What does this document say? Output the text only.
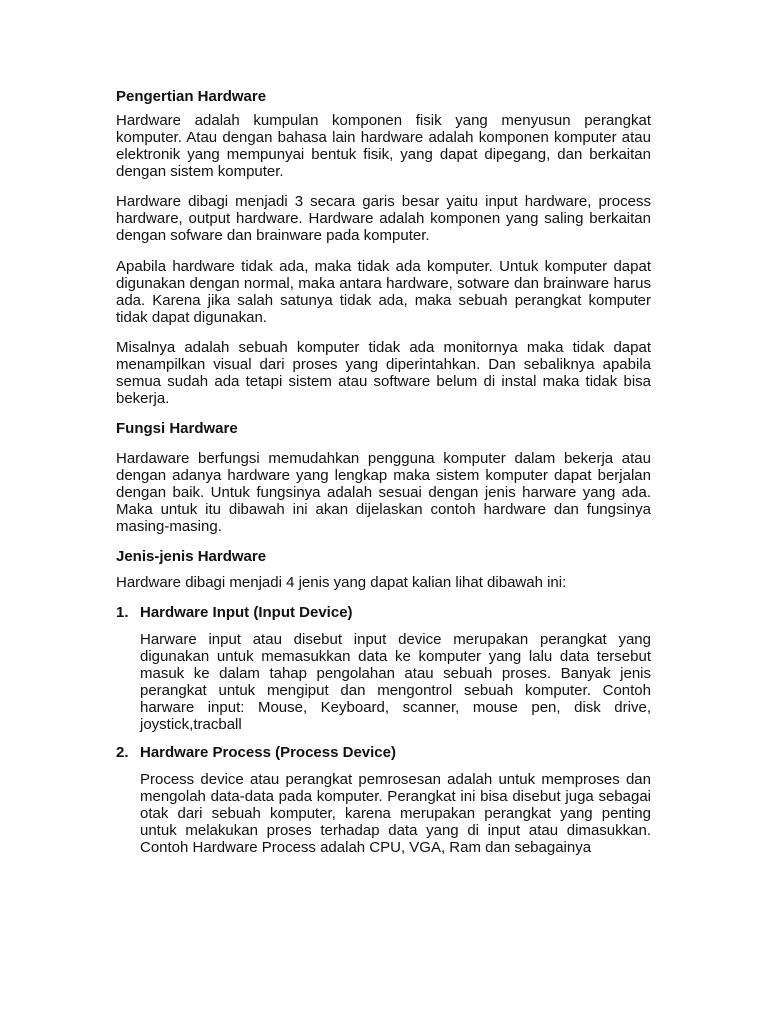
Pengertian Hardware

Hardware adalah kumpulan komponen fisik yang menyusun perangkat komputer. Atau dengan bahasa lain hardware adalah komponen komputer atau elektronik yang mempunyai bentuk fisik, yang dapat dipegang, dan berkaitan dengan sistem komputer.

Hardware dibagi menjadi 3 secara garis besar yaitu input hardware, process hardware, output hardware. Hardware adalah komponen yang saling berkaitan dengan sofware dan brainware pada komputer.

Apabila hardware tidak ada, maka tidak ada komputer. Untuk komputer dapat digunakan dengan normal, maka antara hardware, sotware dan brainware harus ada. Karena jika salah satunya tidak ada, maka sebuah perangkat komputer tidak dapat digunakan.

Misalnya adalah sebuah komputer tidak ada monitornya maka tidak dapat menampilkan visual dari proses yang diperintahkan. Dan sebaliknya apabila semua sudah ada tetapi sistem atau software belum di instal maka tidak bisa bekerja.

Fungsi Hardware

Hardaware berfungsi memudahkan pengguna komputer dalam bekerja atau dengan adanya hardware yang lengkap maka sistem komputer dapat berjalan dengan baik. Untuk fungsinya adalah sesuai dengan jenis harware yang ada. Maka untuk itu dibawah ini akan dijelaskan contoh hardware dan fungsinya masing-masing.

Jenis-jenis Hardware

Hardware dibagi menjadi 4 jenis yang dapat kalian lihat dibawah ini:

1. Hardware Input (Input Device)

Harware input atau disebut input device merupakan perangkat yang digunakan untuk memasukkan data ke komputer yang lalu data tersebut masuk ke dalam tahap pengolahan atau sebuah proses. Banyak jenis perangkat untuk mengiput dan mengontrol sebuah komputer. Contoh harware input: Mouse, Keyboard, scanner, mouse pen, disk drive, joystick,tracball

2. Hardware Process (Process Device)

Process device atau perangkat pemrosesan adalah untuk memproses dan mengolah data-data pada komputer. Perangkat ini bisa disebut juga sebagai otak dari sebuah komputer, karena merupakan perangkat yang penting untuk melakukan proses terhadap data yang di input atau dimasukkan. Contoh Hardware Process adalah CPU, VGA, Ram dan sebagainya
